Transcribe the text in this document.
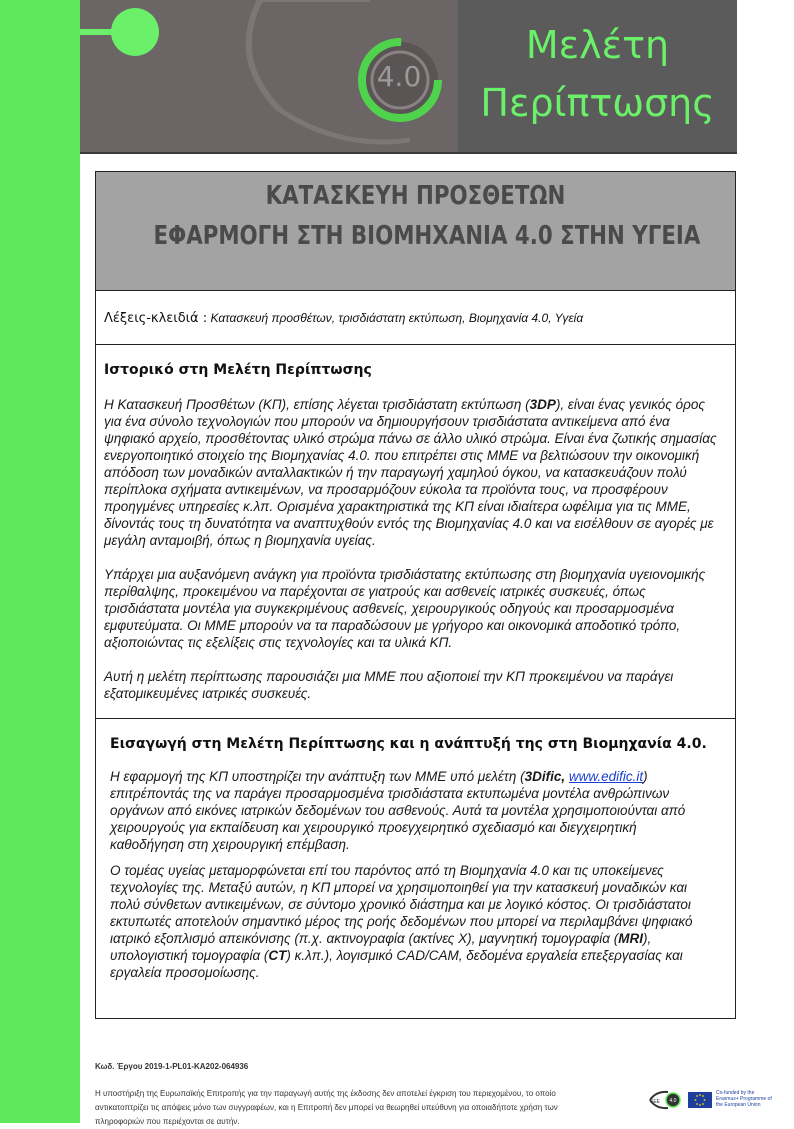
4.0
Μελέτη
Περίπτωσης
ΚΑΤΑΣΚΕΥΗ ΠΡΟΣΘΕΤΩΝ
ΕΦΑΡΜΟΓΗ ΣΤΗ ΒΙΟΜΗΧΑΝΙΑ 4.0 ΣΤΗΝ ΥΓΕΙΑ
Λέξεις-κλειδιά : Κατασκευή προσθέτων, τρισδιάστατη εκτύπωση, Βιομηχανία 4.0, Υγεία
Ιστορικό στη Μελέτη Περίπτωσης

Η Κατασκευή Προσθέτων (ΚΠ), επίσης λέγεται τρισδιάστατη εκτύπωση (3DP), είναι ένας γενικός όρος για ένα σύνολο τεχνολογιών που μπορούν να δημιουργήσουν τρισδιάστατα αντικείμενα από ένα ψηφιακό αρχείο, προσθέτοντας υλικό στρώμα πάνω σε άλλο υλικό στρώμα. Είναι ένα ζωτικής σημασίας ενεργοποιητικό στοιχείο της Βιομηχανίας 4.0. που επιτρέπει στις ΜΜΕ να βελτιώσουν την οικονομική απόδοση των μοναδικών ανταλλακτικών ή την παραγωγή χαμηλού όγκου, να κατασκευάζουν πολύ περίπλοκα σχήματα αντικειμένων, να προσαρμόζουν εύκολα τα προϊόντα τους, να προσφέρουν προηγμένες υπηρεσίες κ.λπ. Ορισμένα χαρακτηριστικά της ΚΠ είναι ιδιαίτερα ωφέλιμα για τις ΜΜΕ, δίνοντάς τους τη δυνατότητα να αναπτυχθούν εντός της Βιομηχανίας 4.0 και να εισέλθουν σε αγορές με μεγάλη ανταμοιβή, όπως η βιομηχανία υγείας.

Υπάρχει μια αυξανόμενη ανάγκη για προϊόντα τρισδιάστατης εκτύπωσης στη βιομηχανία υγειονομικής περίθαλψης, προκειμένου να παρέχονται σε γιατρούς και ασθενείς ιατρικές συσκευές, όπως τρισδιάστατα μοντέλα για συγκεκριμένους ασθενείς, χειρουργικούς οδηγούς και προσαρμοσμένα εμφυτεύματα. Οι ΜΜΕ μπορούν να τα παραδώσουν με γρήγορο και οικονομικά αποδοτικό τρόπο, αξιοποιώντας τις εξελίξεις στις τεχνολογίες και τα υλικά ΚΠ.

Αυτή η μελέτη περίπτωσης παρουσιάζει μια ΜΜΕ που αξιοποιεί την ΚΠ προκειμένου να παράγει εξατομικευμένες ιατρικές συσκευές.

Εισαγωγή στη Μελέτη Περίπτωσης και η ανάπτυξή της στη Βιομηχανία 4.0.

Η εφαρμογή της ΚΠ υποστηρίζει την ανάπτυξη των ΜΜΕ υπό μελέτη (3Dific, www.edific.it) επιτρέποντάς της να παράγει προσαρμοσμένα τρισδιάστατα εκτυπωμένα μοντέλα ανθρώπινων οργάνων από εικόνες ιατρικών δεδομένων του ασθενούς. Αυτά τα μοντέλα χρησιμοποιούνται από χειρουργούς για εκπαίδευση και χειρουργικό προεγχειρητικό σχεδιασμό και διεγχειρητική καθοδήγηση στη χειρουργική επέμβαση.

Ο τομέας υγείας μεταμορφώνεται επί του παρόντος από τη Βιομηχανία 4.0 και τις υποκείμενες τεχνολογίες της. Μεταξύ αυτών, η ΚΠ μπορεί να χρησιμοποιηθεί για την κατασκευή μοναδικών και πολύ σύνθετων αντικειμένων, σε σύντομο χρονικό διάστημα και με λογικό κόστος. Οι τρισδιάστατοι εκτυπωτές αποτελούν σημαντικό μέρος της ροής δεδομένων που μπορεί να περιλαμβάνει ψηφιακό ιατρικό εξοπλισμό απεικόνισης (π.χ. ακτινογραφία (ακτίνες Χ), μαγνητική τομογραφία (MRI), υπολογιστική τομογραφία (CT) κ.λπ.), λογισμικό CAD/CAM, δεδομένα εργαλεία επεξεργασίας και εργαλεία προσομοίωσης.

Κωδ. Έργου 2019-1-PL01-KA202-064936
Η υποστήριξη της Ευρωπαϊκής Επιτροπής για την παραγωγή αυτής της έκδοσης δεν αποτελεί έγκριση του περιεχομένου, το οποίο αντικατοπτρίζει τις απόψεις μόνο των συγγραφέων, και η Επιτροπή δεν μπορεί να θεωρηθεί υπεύθυνη για οποιαδήποτε χρήση των πληροφοριών που περιέχονται σε αυτήν.
SEE 4.0
Co-funded by the Erasmus+ Programme of the European Union
